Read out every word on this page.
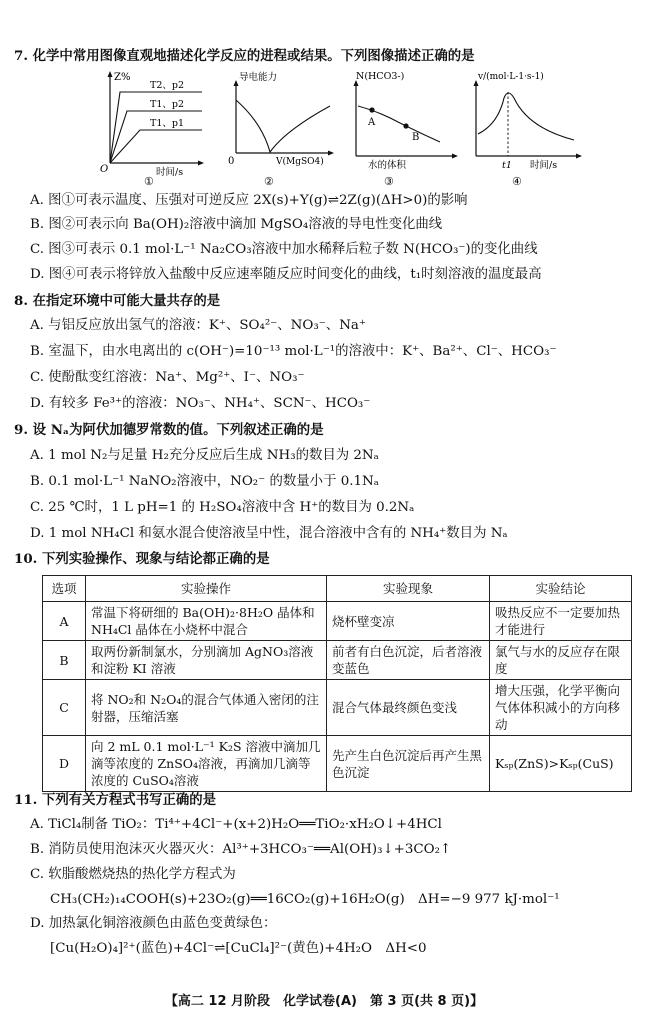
7. 化学中常用图像直观地描述化学反应的进程或结果。下列图像描述正确的是
Z%
T2、p2
T1、p2
T1、p1
O	时间/s
①
导电能力
0	V(MgSO4)
②
N(HCO3-)
A
B
水的体积
③
v/(mol·L-1·s-1)
t1 时间/s
④
A. 图①可表示温度、压强对可逆反应 2X(s)+Y(g)⇌2Z(g)(ΔH>0)的影响
B. 图②可表示向 Ba(OH)₂溶液中滴加 MgSO₄溶液的导电性变化曲线
C. 图③可表示 0.1 mol·L⁻¹ Na₂CO₃溶液中加水稀释后粒子数 N(HCO₃⁻)的变化曲线
D. 图④可表示将锌放入盐酸中反应速率随反应时间变化的曲线，t₁时刻溶液的温度最高
8. 在指定环境中可能大量共存的是
A. 与铝反应放出氢气的溶液：K⁺、SO₄²⁻、NO₃⁻、Na⁺
B. 室温下，由水电离出的 c(OH⁻)=10⁻¹³ mol·L⁻¹的溶液中：K⁺、Ba²⁺、Cl⁻、HCO₃⁻
C. 使酚酞变红溶液：Na⁺、Mg²⁺、I⁻、NO₃⁻
D. 有较多 Fe³⁺的溶液：NO₃⁻、NH₄⁺、SCN⁻、HCO₃⁻
9. 设 Nₐ为阿伏加德罗常数的值。下列叙述正确的是
A. 1 mol N₂与足量 H₂充分反应后生成 NH₃的数目为 2Nₐ
B. 0.1 mol·L⁻¹ NaNO₂溶液中，NO₂⁻ 的数量小于 0.1Nₐ
C. 25 ℃时，1 L pH=1 的 H₂SO₄溶液中含 H⁺的数目为 0.2Nₐ
D. 1 mol NH₄Cl 和氨水混合使溶液呈中性，混合溶液中含有的 NH₄⁺数目为 Nₐ
10. 下列实验操作、现象与结论都正确的是
选项	实验操作	实验现象	实验结论
A	常温下将研细的 Ba(OH)₂·8H₂O 晶体和 NH₄Cl 晶体在小烧杯中混合	烧杯壁变凉	吸热反应不一定要加热才能进行
B	取两份新制氯水，分别滴加 AgNO₃溶液和淀粉 KI 溶液	前者有白色沉淀，后者溶液变蓝色	氯气与水的反应存在限度
C	将 NO₂和 N₂O₄的混合气体通入密闭的注射器，压缩活塞	混合气体最终颜色变浅	增大压强，化学平衡向气体体积减小的方向移动
D	向 2 mL 0.1 mol·L⁻¹ K₂S 溶液中滴加几滴等浓度的 ZnSO₄溶液，再滴加几滴等浓度的 CuSO₄溶液	先产生白色沉淀后再产生黑色沉淀	Kₛₚ(ZnS)>Kₛₚ(CuS)
11. 下列有关方程式书写正确的是
A. TiCl₄制备 TiO₂：Ti⁴⁺+4Cl⁻+(x+2)H₂O══TiO₂·xH₂O↓+4HCl
B. 消防员使用泡沫灭火器灭火：Al³⁺+3HCO₃⁻══Al(OH)₃↓+3CO₂↑
C. 软脂酸燃烧热的热化学方程式为
CH₃(CH₂)₁₄COOH(s)+23O₂(g)══16CO₂(g)+16H₂O(g)　ΔH=−9 977 kJ·mol⁻¹
D. 加热氯化铜溶液颜色由蓝色变黄绿色：
[Cu(H₂O)₄]²⁺(蓝色)+4Cl⁻⇌[CuCl₄]²⁻(黄色)+4H₂O　ΔH<0
【高二 12 月阶段　化学试卷(A)　第 3 页(共 8 页)】
